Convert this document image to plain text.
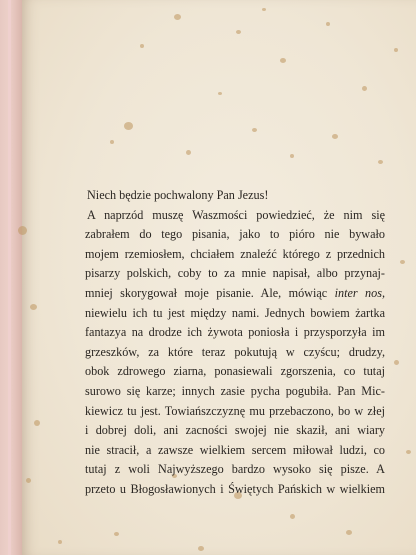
Niech będzie pochwalony Pan Jezus!
A naprzód muszę Waszmości powiedzieć, że nim się
zabrałem do tego pisania, jako to pióro nie bywało
mojem rzemiosłem, chciałem znaleźć którego z przednich
pisarzy polskich, coby to za mnie napisał, albo przynaj-
mniej skorygował moje pisanie. Ale, mówiąc inter nos,
niewielu ich tu jest między nami. Jednych bowiem żartka
fantazya na drodze ich żywota poniosła i przysporzyła im
grzeszków, za które teraz pokutują w czyścu; drudzy,
obok zdrowego ziarna, ponasiewali zgorszenia, co tutaj
surowo się karze; innych zasie pycha pogubiła. Pan Mic-
kiewicz tu jest. Towiańszczyznę mu przebaczono, bo w złej
i dobrej doli, ani zacności swojej nie skaził, ani wiary
nie stracił, a zawsze wielkiem sercem miłował ludzi, co
tutaj z woli Najwyższego bardzo wysoko się pisze. A
przeto u Błogosławionych i Świętych Pańskich w wielkiem
